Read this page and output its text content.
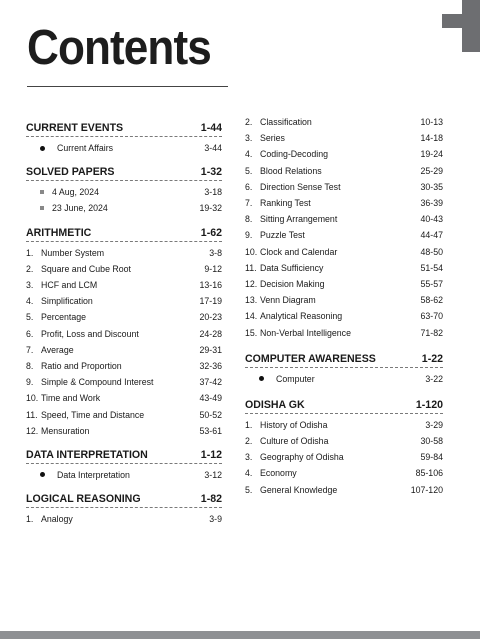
Contents
CURRENT EVENTS	1-44
Current Affairs	3-44
SOLVED PAPERS	1-32
4 Aug, 2024	3-18
23 June, 2024	19-32
ARITHMETIC	1-62
1. Number System	3-8
2. Square and Cube Root	9-12
3. HCF and LCM	13-16
4. Simplification	17-19
5. Percentage	20-23
6. Profit, Loss and Discount	24-28
7. Average	29-31
8. Ratio and Proportion	32-36
9. Simple & Compound Interest	37-42
10. Time and Work	43-49
11. Speed, Time and Distance	50-52
12. Mensuration	53-61
DATA INTERPRETATION	1-12
Data Interpretation	3-12
LOGICAL REASONING	1-82
1. Analogy	3-9
2. Classification	10-13
3. Series	14-18
4. Coding-Decoding	19-24
5. Blood Relations	25-29
6. Direction Sense Test	30-35
7. Ranking Test	36-39
8. Sitting Arrangement	40-43
9. Puzzle Test	44-47
10. Clock and Calendar	48-50
11. Data Sufficiency	51-54
12. Decision Making	55-57
13. Venn Diagram	58-62
14. Analytical Reasoning	63-70
15. Non-Verbal Intelligence	71-82
COMPUTER AWARENESS	1-22
Computer	3-22
ODISHA GK	1-120
1. History of Odisha	3-29
2. Culture of Odisha	30-58
3. Geography of Odisha	59-84
4. Economy	85-106
5. General Knowledge	107-120
